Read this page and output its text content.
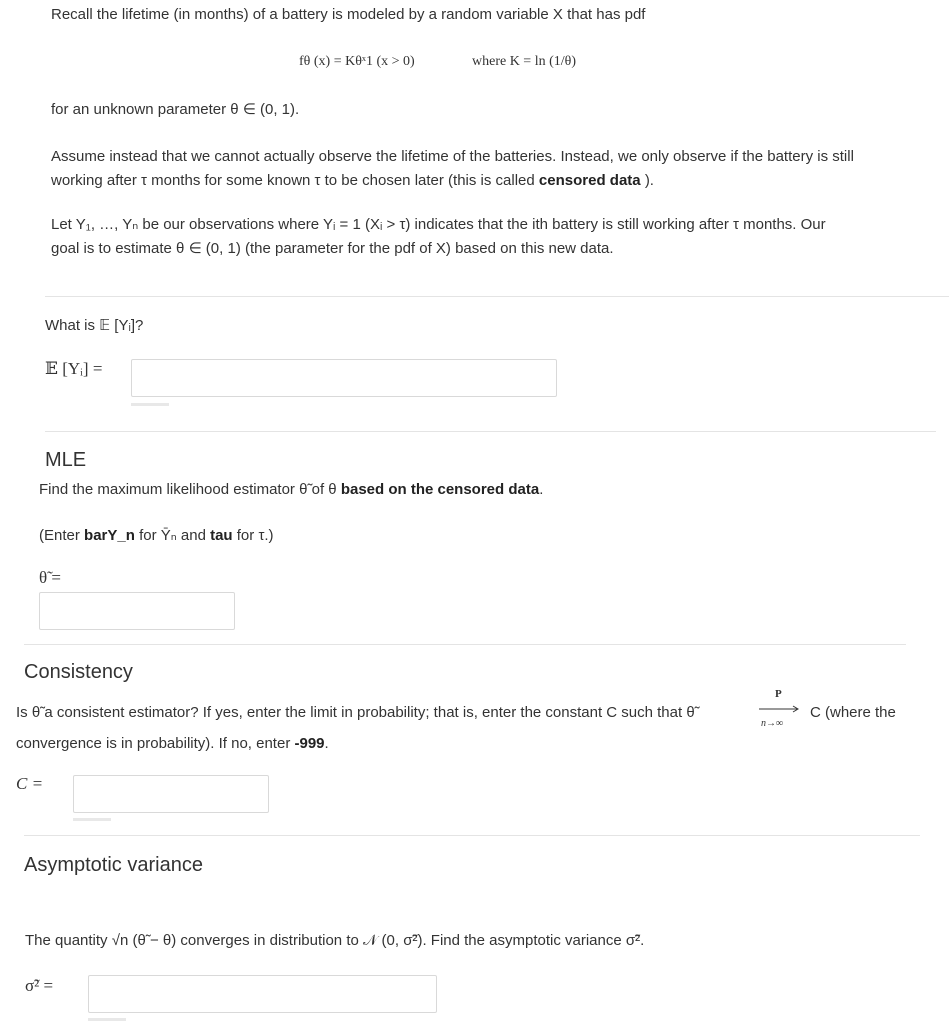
Recall the lifetime (in months) of a battery is modeled by a random variable X that has pdf
fθ (x) = Kθˣ1 (x > 0)	where K = ln (1/θ)
for an unknown parameter θ ∈ (0, 1).
Assume instead that we cannot actually observe the lifetime of the batteries. Instead, we only observe if the battery is still
working after τ months for some known τ to be chosen later (this is called censored data ).
Let Y₁, …, Yₙ be our observations where Yᵢ = 1 (Xᵢ > τ) indicates that the ith battery is still working after τ months. Our
goal is to estimate θ ∈ (0, 1) (the parameter for the pdf of X) based on this new data.
What is 𝔼 [Yᵢ]?
𝔼 [Yᵢ] =
MLE
Find the maximum likelihood estimator θ̃ of θ based on the censored data.
(Enter barY_n for Ȳₙ and tau for τ.)
θ̃ =
Consistency
Is θ̃ a consistent estimator? If yes, enter the limit in probability; that is, enter the constant C such that θ̃
P
n→∞
C (where the
convergence is in probability). If no, enter -999.
C =
Asymptotic variance
The quantity √n (θ̃ − θ) converges in distribution to 𝒩 (0, σ̃²). Find the asymptotic variance σ̃².
σ̃² =
